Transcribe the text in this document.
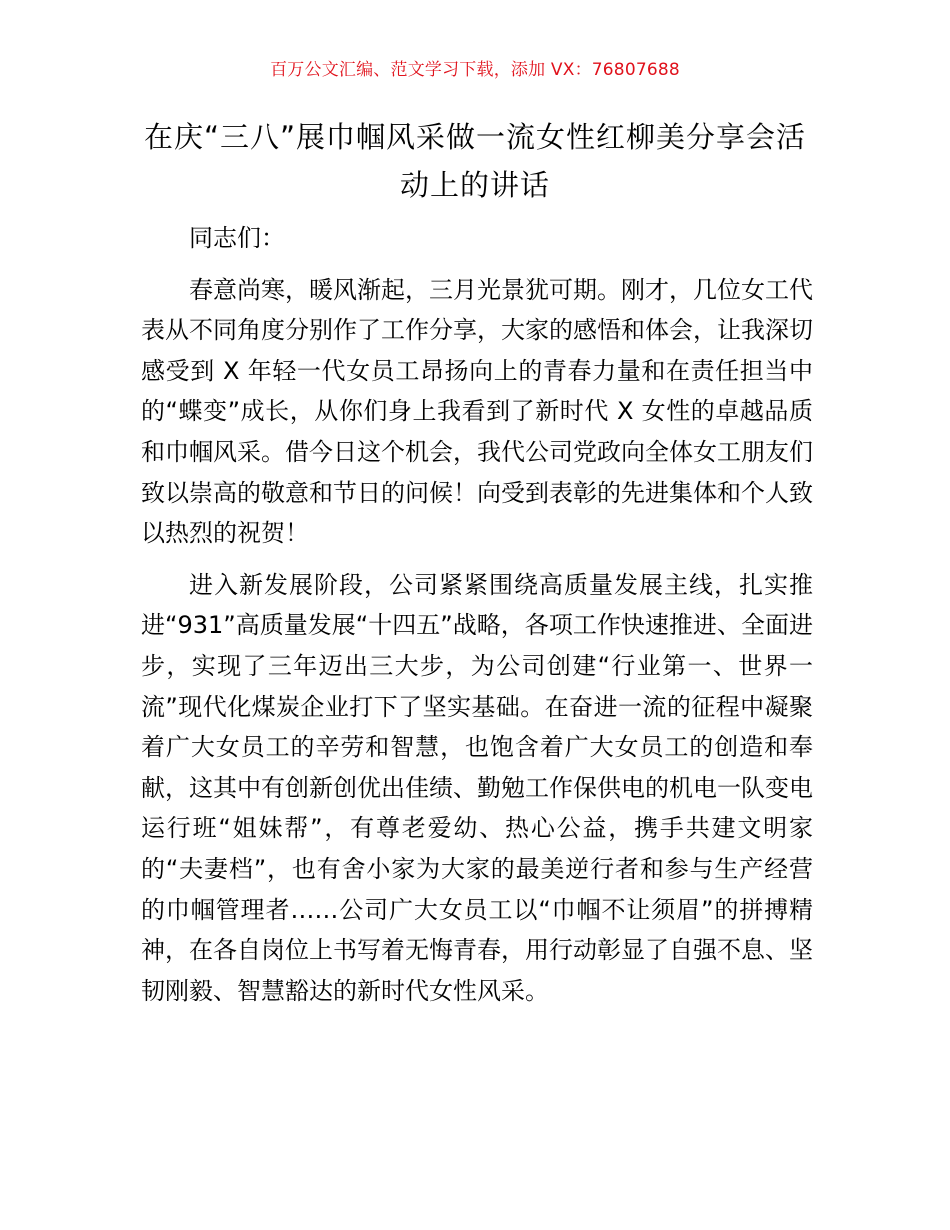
百万公文汇编、范文学习下载，添加 VX：76807688
在庆“三八”展巾帼风采做一流女性红柳美分享会活动上的讲话

同志们：

春意尚寒，暖风渐起，三月光景犹可期。刚才，几位女工代表从不同角度分别作了工作分享，大家的感悟和体会，让我深切感受到 X 年轻一代女员工昂扬向上的青春力量和在责任担当中的“蝶变”成长，从你们身上我看到了新时代 X 女性的卓越品质和巾帼风采。借今日这个机会，我代公司党政向全体女工朋友们致以崇高的敬意和节日的问候！向受到表彰的先进集体和个人致以热烈的祝贺！

进入新发展阶段，公司紧紧围绕高质量发展主线，扎实推进“931”高质量发展“十四五”战略，各项工作快速推进、全面进步，实现了三年迈出三大步，为公司创建“行业第一、世界一流”现代化煤炭企业打下了坚实基础。在奋进一流的征程中凝聚着广大女员工的辛劳和智慧，也饱含着广大女员工的创造和奉献，这其中有创新创优出佳绩、勤勉工作保供电的机电一队变电运行班“姐妹帮”，有尊老爱幼、热心公益，携手共建文明家的“夫妻档”，也有舍小家为大家的最美逆行者和参与生产经营的巾帼管理者……公司广大女员工以“巾帼不让须眉”的拼搏精神，在各自岗位上书写着无悔青春，用行动彰显了自强不息、坚韧刚毅、智慧豁达的新时代女性风采。
